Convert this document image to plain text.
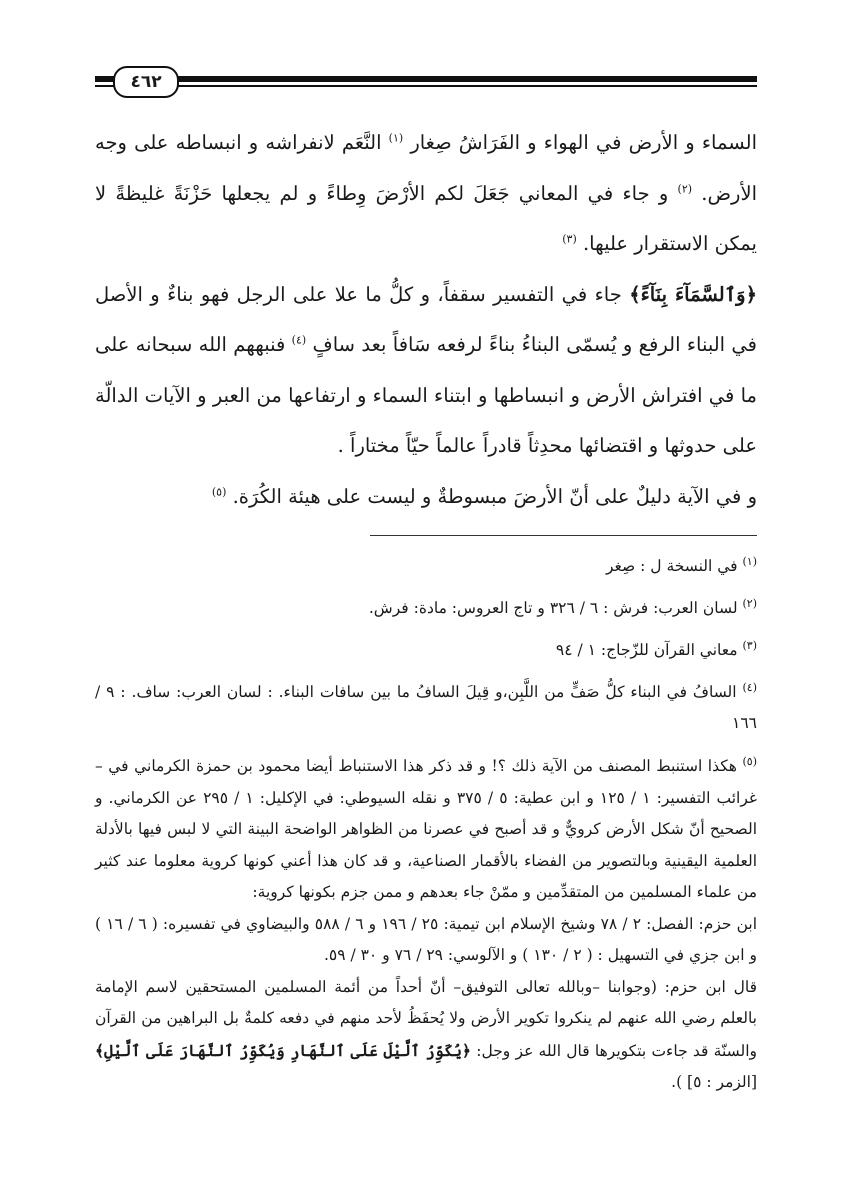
٤٦٢

السماء و الأرض في الهواء و الفَرَاشُ صِغار $^{(١)}$ النَّعَم لانفراشه و انبساطه على وجه الأرض. $^{(٢)}$ و جاء في المعاني جَعَلَ لكم الأرْضَ وِطاءً و لم يجعلها حَزْنَةً غليظةً لا يمكن الاستقرار عليها. $^{(٣)}$

﴿وَٱلسَّمَآءَ بِنَآءً﴾ جاء في التفسير سقفاً، و كلُّ ما علا على الرجل فهو بناءٌ و الأصل في البناء الرفع و يُسمّى البناءُ بناءً لرفعه سَافاً بعد سافٍ $^{(٤)}$ فنبههم الله سبحانه على ما في افتراش الأرض و انبساطها و ابتناء السماء و ارتفاعها من العبر و الآيات الدالّة على حدوثها و اقتضائها محدِثاً قادراً عالماً حيّاً مختاراً .

و في الآية دليلٌ على أنّ الأرضَ مبسوطةٌ و ليست على هيئة الكُرَة. $^{(٥)}$

$^{(١)}$ في النسخة ل : صِغر

$^{(٢)}$ لسان العرب: فرش : ٦ / ٣٢٦ و تاج العروس: مادة: فرش.

$^{(٣)}$ معاني القرآن للزّجاج: ١ / ٩٤

$^{(٤)}$ السافُ في البناء كلُّ صَفٍّ من اللَّبِن،و قِيلَ السافُ ما بين سافات البناء. : لسان العرب: ساف. : ٩ / ١٦٦

$^{(٥)}$ هكذا استنبط المصنف من الآية ذلك ؟! و قد ذكر هذا الاستنباط أيضا محمود بن حمزة الكرماني في – غرائب التفسير: ١ / ١٢٥ و ابن عطية: ٥ / ٣٧٥ و نقله السيوطي: في الإكليل: ١ / ٢٩٥ عن الكرماني. و الصحيح أنّ شكل الأرض كرويٌّ و قد أصبح في عصرنا من الظواهر الواضحة البينة التي لا لبس فيها بالأدلة العلمية اليقينية وبالتصوير من الفضاء بالأقمار الصناعية، و قد كان هذا أعني كونها كروية معلوما عند كثير من علماء المسلمين من المتقدِّمين و ممّنْ جاء بعدهم و ممن جزم بكونها كروية:

ابن حزم: الفصل: ٢ / ٧٨ وشيخ الإسلام ابن تيمية: ٢٥ / ١٩٦ و ٦ / ٥٨٨ والبيضاوي في تفسيره: ( ٦ / ١٦ ) و ابن جزي في التسهيل : ( ٢ / ١٣٠ ) و الآلوسي: ٢٩ / ٧٦ و ٣٠ / ٥٩.

قال ابن حزم: (وجوابنا –وبالله تعالى التوفيق– أنّ أحداً من أئمة المسلمين المستحقين لاسم الإمامة بالعلم رضي الله عنهم لم ينكروا تكوير الأرض ولا يُحفَظُ لأحد منهم في دفعه كلمةٌ بل البراهين من القرآن والسنّة قد جاءت بتكويرها قال الله عز وجل: ﴿يُكَوِّرُ ٱلَّيْلَ عَلَى ٱلنَّهَارِ وَيُكَوِّرُ ٱلنَّهَارَ عَلَى ٱلَّيْلِ﴾ [الزمر : ٥] ).
